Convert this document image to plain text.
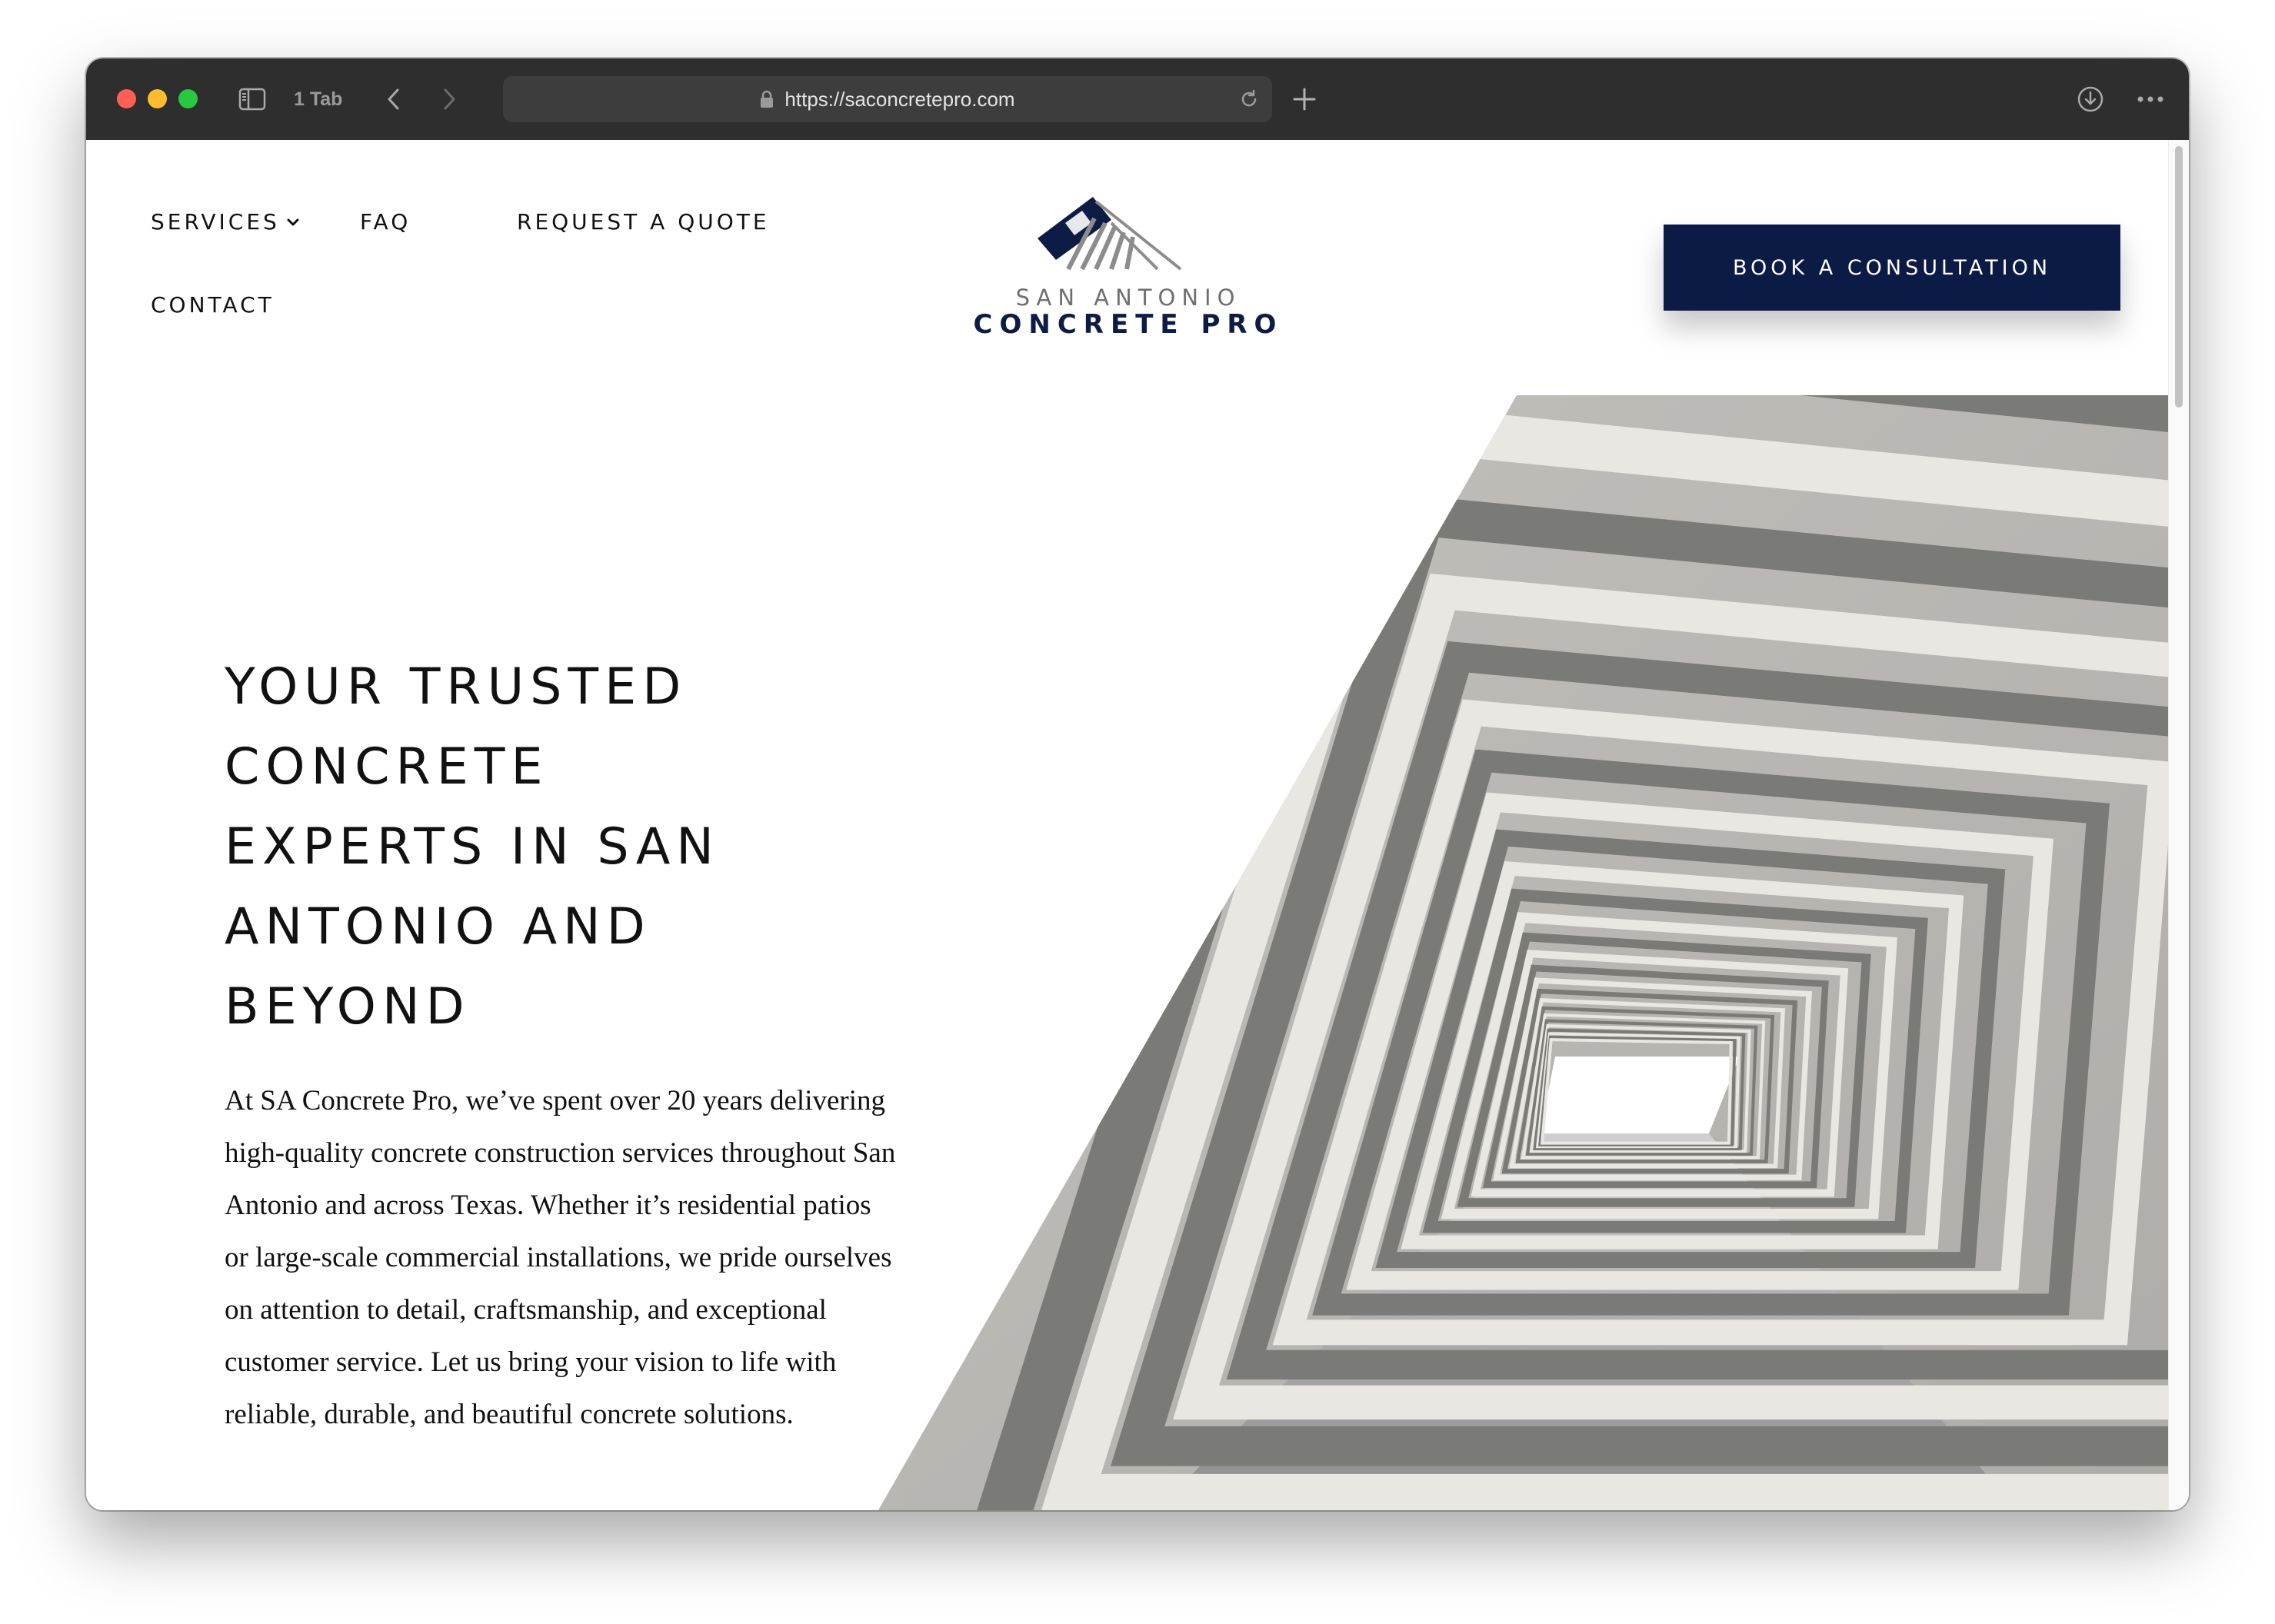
1 Tab	https://saconcretepro.com
SERVICES	FAQ	REQUEST A QUOTE
CONTACT	SAN ANTONIO
CONCRETE PRO
BOOK A CONSULTATION
YOUR TRUSTED
CONCRETE
EXPERTS IN SAN
ANTONIO AND
BEYOND
At SA Concrete Pro, we’ve spent over 20 years delivering high-quality concrete construction services throughout San Antonio and across Texas. Whether it’s residential patios or large-scale commercial installations, we pride ourselves on attention to detail, craftsmanship, and exceptional customer service. Let us bring your vision to life with reliable, durable, and beautiful concrete solutions.
